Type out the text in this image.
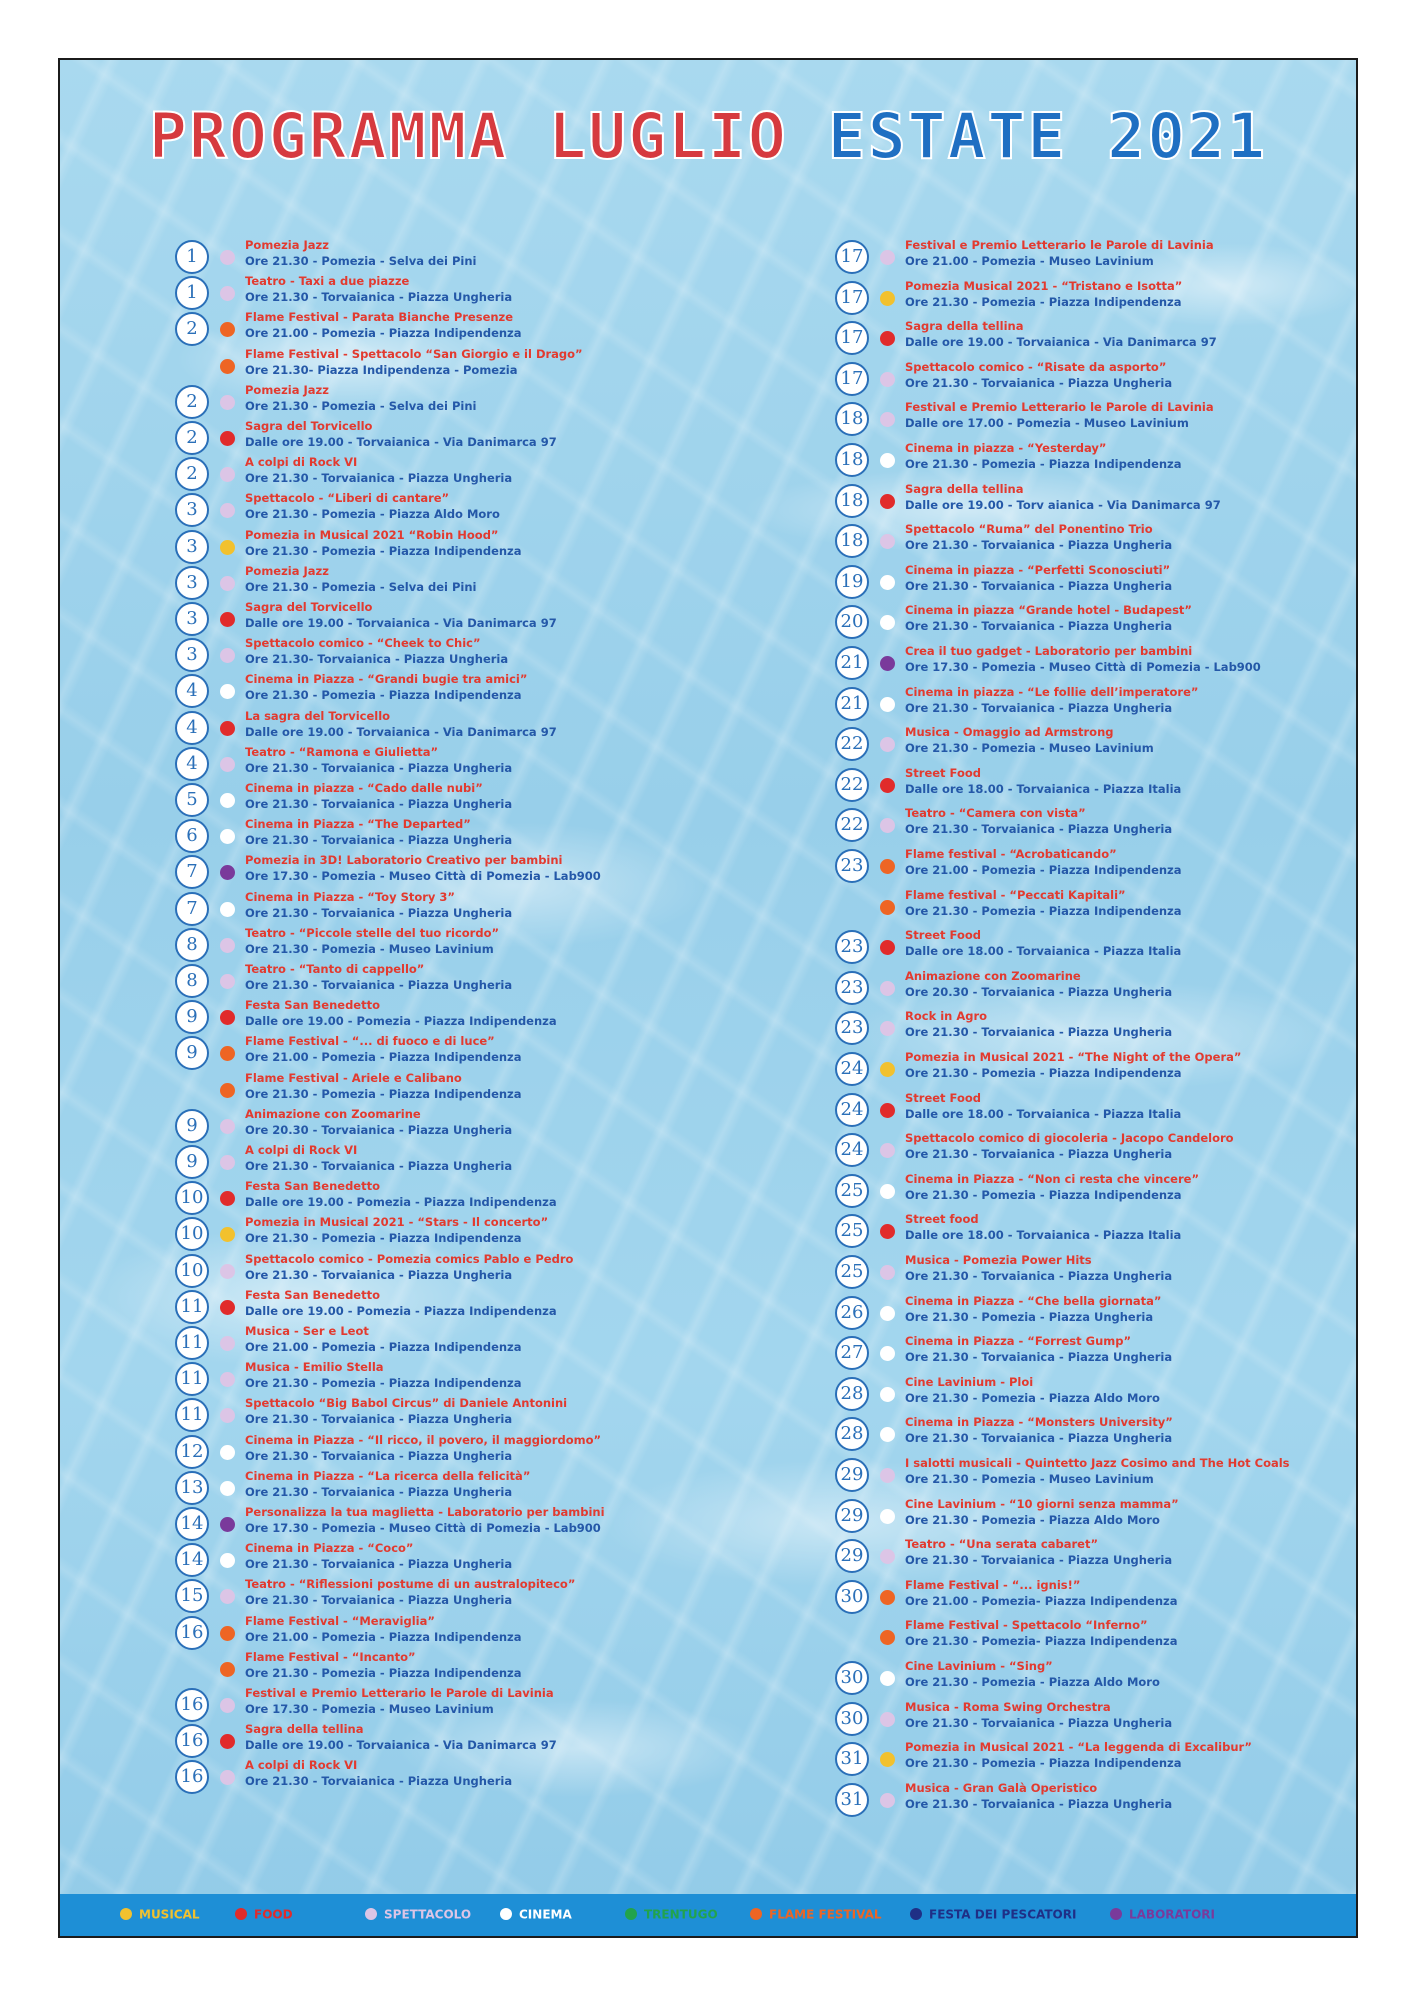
PROGRAMMA LUGLIO ESTATE 2021
1
Pomezia Jazz
Ore 21.30 - Pomezia - Selva dei Pini
1
Teatro - Taxi a due piazze
Ore 21.30 - Torvaianica - Piazza Ungheria
2
Flame Festival - Parata Bianche Presenze
Ore 21.00 - Pomezia - Piazza Indipendenza
Flame Festival - Spettacolo “San Giorgio e il Drago”
Ore 21.30- Piazza Indipendenza - Pomezia
2
Pomezia Jazz
Ore 21.30 - Pomezia - Selva dei Pini
2
Sagra del Torvicello
Dalle ore 19.00 - Torvaianica - Via Danimarca 97
2
A colpi di Rock VI
Ore 21.30 - Torvaianica - Piazza Ungheria
3
Spettacolo - “Liberi di cantare”
Ore 21.30 - Pomezia - Piazza Aldo Moro
3
Pomezia in Musical 2021 “Robin Hood”
Ore 21.30 - Pomezia - Piazza Indipendenza
3
Pomezia Jazz
Ore 21.30 - Pomezia - Selva dei Pini
3
Sagra del Torvicello
Dalle ore 19.00 - Torvaianica - Via Danimarca 97
3
Spettacolo comico - “Cheek to Chic”
Ore 21.30- Torvaianica - Piazza Ungheria
4
Cinema in Piazza - “Grandi bugie tra amici”
Ore 21.30 - Pomezia - Piazza Indipendenza
4
La sagra del Torvicello
Dalle ore 19.00 - Torvaianica - Via Danimarca 97
4
Teatro - “Ramona e Giulietta”
Ore 21.30 - Torvaianica - Piazza Ungheria
5
Cinema in piazza - “Cado dalle nubi”
Ore 21.30 - Torvaianica - Piazza Ungheria
6
Cinema in Piazza - “The Departed”
Ore 21.30 - Torvaianica - Piazza Ungheria
7
Pomezia in 3D! Laboratorio Creativo per bambini
Ore 17.30 - Pomezia - Museo Città di Pomezia - Lab900
7
Cinema in Piazza - “Toy Story 3”
Ore 21.30 - Torvaianica - Piazza Ungheria
8
Teatro - “Piccole stelle del tuo ricordo”
Ore 21.30 - Pomezia - Museo Lavinium
8
Teatro - “Tanto di cappello”
Ore 21.30 - Torvaianica - Piazza Ungheria
9
Festa San Benedetto
Dalle ore 19.00 - Pomezia - Piazza Indipendenza
9
Flame Festival - “... di fuoco e di luce”
Ore 21.00 - Pomezia - Piazza Indipendenza
Flame Festival - Ariele e Calibano
Ore 21.30 - Pomezia - Piazza Indipendenza
9
Animazione con Zoomarine
Ore 20.30 - Torvaianica - Piazza Ungheria
9
A colpi di Rock VI
Ore 21.30 - Torvaianica - Piazza Ungheria
10
Festa San Benedetto
Dalle ore 19.00 - Pomezia - Piazza Indipendenza
10
Pomezia in Musical 2021 - “Stars - Il concerto”
Ore 21.30 - Pomezia - Piazza Indipendenza
10
Spettacolo comico - Pomezia comics Pablo e Pedro
Ore 21.30 - Torvaianica - Piazza Ungheria
11
Festa San Benedetto
Dalle ore 19.00 - Pomezia - Piazza Indipendenza
11
Musica - Ser e Leot
Ore 21.00 - Pomezia - Piazza Indipendenza
11
Musica - Emilio Stella
Ore 21.30 - Pomezia - Piazza Indipendenza
11
Spettacolo “Big Babol Circus” di Daniele Antonini
Ore 21.30 - Torvaianica - Piazza Ungheria
12
Cinema in Piazza - “Il ricco, il povero, il maggiordomo”
Ore 21.30 - Torvaianica - Piazza Ungheria
13
Cinema in Piazza - “La ricerca della felicità”
Ore 21.30 - Torvaianica - Piazza Ungheria
14
Personalizza la tua maglietta - Laboratorio per bambini
Ore 17.30 - Pomezia - Museo Città di Pomezia - Lab900
14
Cinema in Piazza - “Coco”
Ore 21.30 - Torvaianica - Piazza Ungheria
15
Teatro - “Riflessioni postume di un australopiteco”
Ore 21.30 - Torvaianica - Piazza Ungheria
16
Flame Festival - “Meraviglia”
Ore 21.00 - Pomezia - Piazza Indipendenza
Flame Festival - “Incanto”
Ore 21.30 - Pomezia - Piazza Indipendenza
16
Festival e Premio Letterario le Parole di Lavinia
Ore 17.30 - Pomezia - Museo Lavinium
16
Sagra della tellina
Dalle ore 19.00 - Torvaianica - Via Danimarca 97
16
A colpi di Rock VI
Ore 21.30 - Torvaianica - Piazza Ungheria
17
Festival e Premio Letterario le Parole di Lavinia
Ore 21.00 - Pomezia - Museo Lavinium
17
Pomezia Musical 2021 - “Tristano e Isotta”
Ore 21.30 - Pomezia - Piazza Indipendenza
17
Sagra della tellina
Dalle ore 19.00 - Torvaianica - Via Danimarca 97
17
Spettacolo comico - “Risate da asporto”
Ore 21.30 - Torvaianica - Piazza Ungheria
18
Festival e Premio Letterario le Parole di Lavinia
Dalle ore 17.00 - Pomezia - Museo Lavinium
18
Cinema in piazza - “Yesterday”
Ore 21.30 - Pomezia - Piazza Indipendenza
18
Sagra della tellina
Dalle ore 19.00 - Torv aianica - Via Danimarca 97
18
Spettacolo “Ruma” del Ponentino Trio
Ore 21.30 - Torvaianica - Piazza Ungheria
19
Cinema in piazza - “Perfetti Sconosciuti”
Ore 21.30 - Torvaianica - Piazza Ungheria
20
Cinema in piazza “Grande hotel - Budapest”
Ore 21.30 - Torvaianica - Piazza Ungheria
21
Crea il tuo gadget - Laboratorio per bambini
Ore 17.30 - Pomezia - Museo Città di Pomezia - Lab900
21
Cinema in piazza - “Le follie dell’imperatore”
Ore 21.30 - Torvaianica - Piazza Ungheria
22
Musica - Omaggio ad Armstrong
Ore 21.30 - Pomezia - Museo Lavinium
22
Street Food
Dalle ore 18.00 - Torvaianica - Piazza Italia
22
Teatro - “Camera con vista”
Ore 21.30 - Torvaianica - Piazza Ungheria
23
Flame festival - “Acrobaticando”
Ore 21.00 - Pomezia - Piazza Indipendenza
Flame festival - “Peccati Kapitali”
Ore 21.30 - Pomezia - Piazza Indipendenza
23
Street Food
Dalle ore 18.00 - Torvaianica - Piazza Italia
23
Animazione con Zoomarine
Ore 20.30 - Torvaianica - Piazza Ungheria
23
Rock in Agro
Ore 21.30 - Torvaianica - Piazza Ungheria
24
Pomezia in Musical 2021 - “The Night of the Opera”
Ore 21.30 - Pomezia - Piazza Indipendenza
24
Street Food
Dalle ore 18.00 - Torvaianica - Piazza Italia
24
Spettacolo comico di giocoleria - Jacopo Candeloro
Ore 21.30 - Torvaianica - Piazza Ungheria
25
Cinema in Piazza - “Non ci resta che vincere”
Ore 21.30 - Pomezia - Piazza Indipendenza
25
Street food
Dalle ore 18.00 - Torvaianica - Piazza Italia
25
Musica - Pomezia Power Hits
Ore 21.30 - Torvaianica - Piazza Ungheria
26
Cinema in Piazza - “Che bella giornata”
Ore 21.30 - Pomezia - Piazza Ungheria
27
Cinema in Piazza - “Forrest Gump”
Ore 21.30 - Torvaianica - Piazza Ungheria
28
Cine Lavinium - Ploi
Ore 21.30 - Pomezia - Piazza Aldo Moro
28
Cinema in Piazza - “Monsters University”
Ore 21.30 - Torvaianica - Piazza Ungheria
29
I salotti musicali - Quintetto Jazz Cosimo and The Hot Coals
Ore 21.30 - Pomezia - Museo Lavinium
29
Cine Lavinium - “10 giorni senza mamma”
Ore 21.30 - Pomezia - Piazza Aldo Moro
29
Teatro - “Una serata cabaret”
Ore 21.30 - Torvaianica - Piazza Ungheria
30
Flame Festival - “... ignis!”
Ore 21.00 - Pomezia- Piazza Indipendenza
Flame Festival - Spettacolo “Inferno”
Ore 21.30 - Pomezia- Piazza Indipendenza
30
Cine Lavinium - “Sing”
Ore 21.30 - Pomezia - Piazza Aldo Moro
30
Musica - Roma Swing Orchestra
Ore 21.30 - Torvaianica - Piazza Ungheria
31
Pomezia in Musical 2021 - “La leggenda di Excalibur”
Ore 21.30 - Pomezia - Piazza Indipendenza
31
Musica - Gran Galà Operistico
Ore 21.30 - Torvaianica - Piazza Ungheria
MUSICAL	FOOD	SPETTACOLO	CINEMA	TRENTUGO	FLAME FESTIVAL	FESTA DEI PESCATORI	LABORATORI
